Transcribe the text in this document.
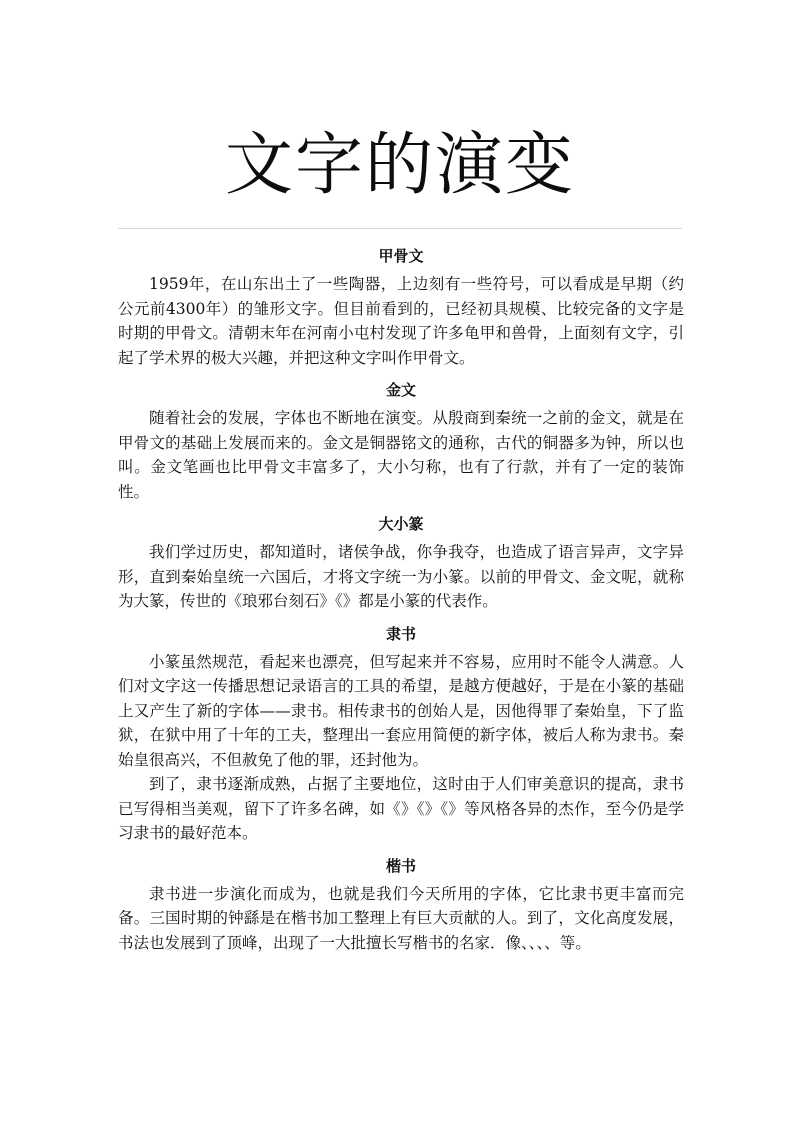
文字的演变
甲骨文

1959年，在山东出土了一些陶器，上边刻有一些符号，可以看成是早期（约公元前4300年）的雏形文字。但目前看到的，已经初具规模、比较完备的文字是时期的甲骨文。清朝末年在河南小屯村发现了许多龟甲和兽骨，上面刻有文字，引起了学术界的极大兴趣，并把这种文字叫作甲骨文。

金文

随着社会的发展，字体也不断地在演变。从殷商到秦统一之前的金文，就是在甲骨文的基础上发展而来的。金文是铜器铭文的通称，古代的铜器多为钟，所以也叫。金文笔画也比甲骨文丰富多了，大小匀称，也有了行款，并有了一定的装饰性。

大小篆

我们学过历史，都知道时，诸侯争战，你争我夺，也造成了语言异声，文字异形，直到秦始皇统一六国后，才将文字统一为小篆。以前的甲骨文、金文呢，就称为大篆，传世的《琅邪台刻石》《》都是小篆的代表作。

隶书

小篆虽然规范，看起来也漂亮，但写起来并不容易，应用时不能令人满意。人们对文字这一传播思想记录语言的工具的希望，是越方便越好，于是在小篆的基础上又产生了新的字体——隶书。相传隶书的创始人是，因他得罪了秦始皇，下了监狱，在狱中用了十年的工夫，整理出一套应用简便的新字体，被后人称为隶书。秦始皇很高兴，不但赦免了他的罪，还封他为。

到了，隶书逐渐成熟，占据了主要地位，这时由于人们审美意识的提高，隶书已写得相当美观，留下了许多名碑，如《》《》《》等风格各异的杰作，至今仍是学习隶书的最好范本。

楷书

隶书进一步演化而成为，也就是我们今天所用的字体，它比隶书更丰富而完备。三国时期的钟繇是在楷书加工整理上有巨大贡献的人。到了，文化高度发展，书法也发展到了顶峰，出现了一大批擅长写楷书的名家．像、、、、等。
